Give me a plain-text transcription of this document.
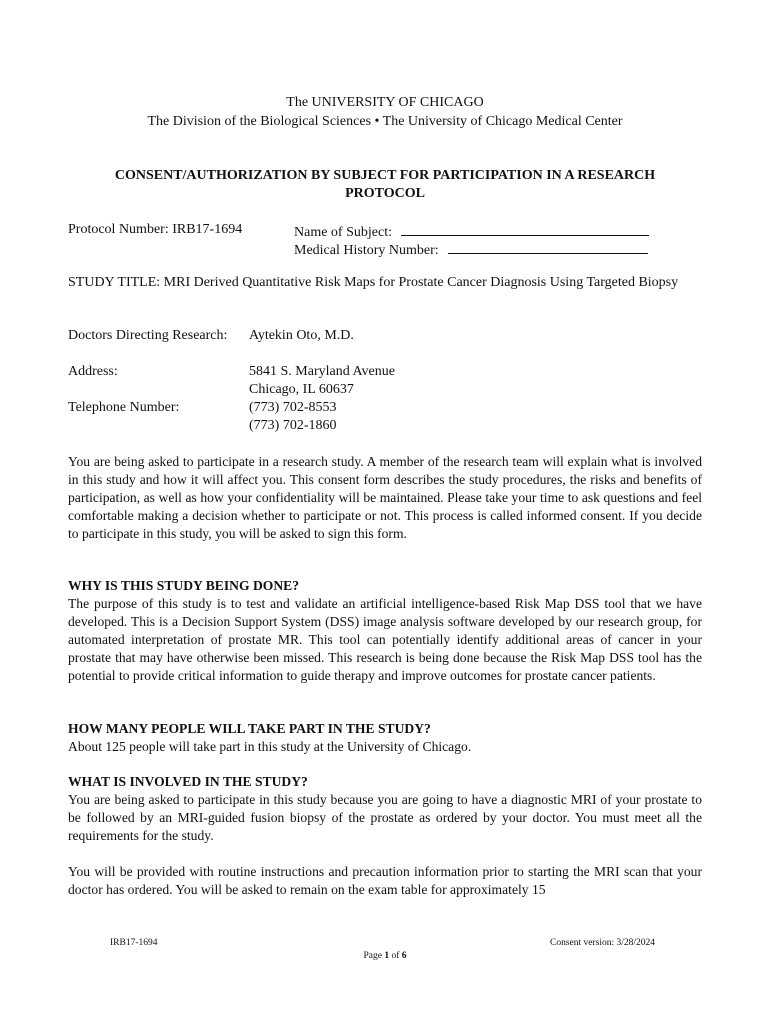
The UNIVERSITY OF CHICAGO

The Division of the Biological Sciences • The University of Chicago Medical Center

CONSENT/AUTHORIZATION BY SUBJECT FOR PARTICIPATION IN A RESEARCH

PROTOCOL

Protocol Number: IRB17-1694	Name of Subject:

Medical History Number:

STUDY TITLE: MRI Derived Quantitative Risk Maps for Prostate Cancer Diagnosis Using Targeted Biopsy

Doctors Directing Research: Aytekin Oto, M.D.

Address:	5841 S. Maryland Avenue

Chicago, IL 60637

Telephone Number:	(773) 702-8553

(773) 702-1860

You are being asked to participate in a research study. A member of the research team will explain what is involved in this study and how it will affect you. This consent form describes the study procedures, the risks and benefits of participation, as well as how your confidentiality will be maintained. Please take your time to ask questions and feel comfortable making a decision whether to participate or not. This process is called informed consent. If you decide to participate in this study, you will be asked to sign this form.

WHY IS THIS STUDY BEING DONE?

The purpose of this study is to test and validate an artificial intelligence-based Risk Map DSS tool that we have developed. This is a Decision Support System (DSS) image analysis software developed by our research group, for automated interpretation of prostate MR. This tool can potentially identify additional areas of cancer in your prostate that may have otherwise been missed. This research is being done because the Risk Map DSS tool has the potential to provide critical information to guide therapy and improve outcomes for prostate cancer patients.

HOW MANY PEOPLE WILL TAKE PART IN THE STUDY?

About 125 people will take part in this study at the University of Chicago.

WHAT IS INVOLVED IN THE STUDY?

You are being asked to participate in this study because you are going to have a diagnostic MRI of your prostate to be followed by an MRI-guided fusion biopsy of the prostate as ordered by your doctor. You must meet all the requirements for the study.

You will be provided with routine instructions and precaution information prior to starting the MRI scan that your doctor has ordered. You will be asked to remain on the exam table for approximately 15

IRB17-1694	Consent version: 3/28/2024

Page 1 of 6
